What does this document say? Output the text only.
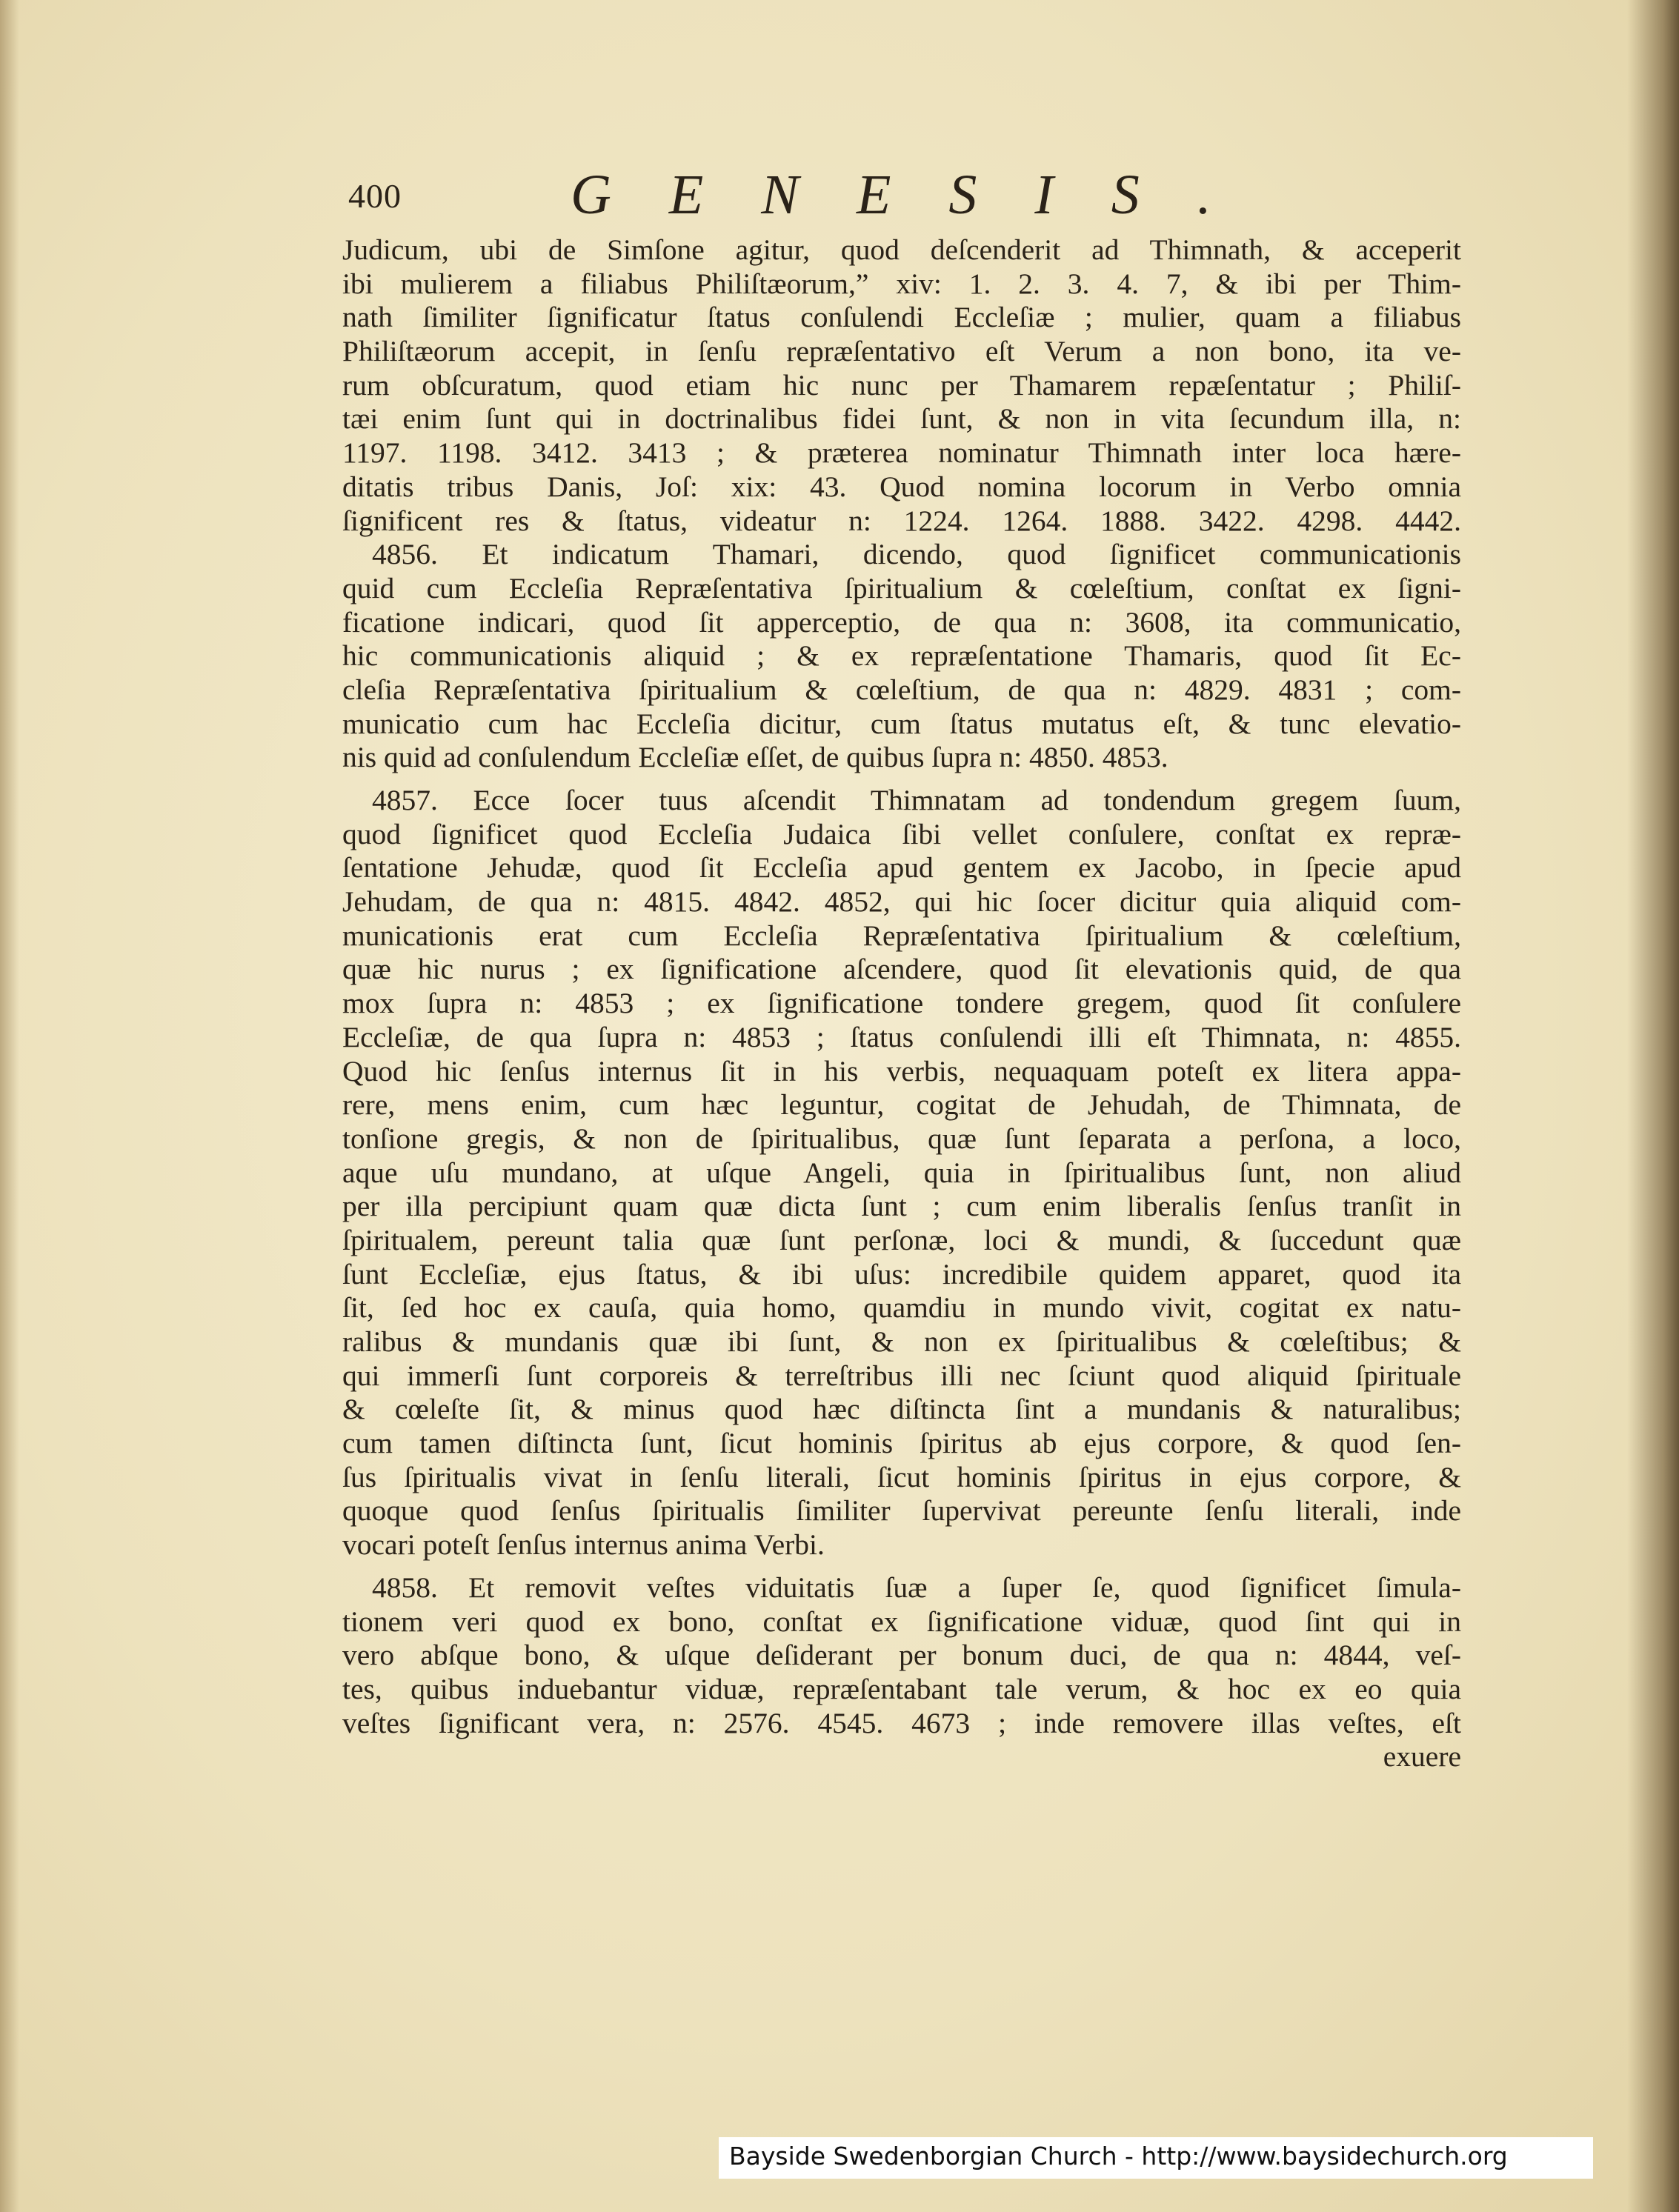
400	GENESIS.
Judicum, ubi de Simſone agitur, quod deſcenderit ad Thimnath, & acceperit
ibi mulierem a filiabus Philiſtæorum,” xiv: 1. 2. 3. 4. 7, & ibi per Thim-
nath ſimiliter ſignificatur ſtatus conſulendi Eccleſiæ ; mulier, quam a filiabus
Philiſtæorum accepit, in ſenſu repræſentativo eſt Verum a non bono, ita ve-
rum obſcuratum, quod etiam hic nunc per Thamarem repæſentatur ; Philiſ-
tæi enim ſunt qui in doctrinalibus fidei ſunt, & non in vita ſecundum illa, n:
1197. 1198. 3412. 3413 ; & præterea nominatur Thimnath inter loca hære-
ditatis tribus Danis, Joſ: xix: 43. Quod nomina locorum in Verbo omnia
ſignificent res & ſtatus, videatur n: 1224. 1264. 1888. 3422. 4298. 4442.
4856. Et indicatum Thamari, dicendo, quod ſignificet communicationis
quid cum Eccleſia Repræſentativa ſpiritualium & cœleſtium, conſtat ex ſigni-
ficatione indicari, quod ſit apperceptio, de qua n: 3608, ita communicatio,
hic communicationis aliquid ; & ex repræſentatione Thamaris, quod ſit Ec-
cleſia Repræſentativa ſpiritualium & cœleſtium, de qua n: 4829. 4831 ; com-
municatio cum hac Eccleſia dicitur, cum ſtatus mutatus eſt, & tunc elevatio-
nis quid ad conſulendum Eccleſiæ eſſet, de quibus ſupra n: 4850. 4853.
4857. Ecce ſocer tuus aſcendit Thimnatam ad tondendum gregem ſuum,
quod ſignificet quod Eccleſia Judaica ſibi vellet conſulere, conſtat ex repræ-
ſentatione Jehudæ, quod ſit Eccleſia apud gentem ex Jacobo, in ſpecie apud
Jehudam, de qua n: 4815. 4842. 4852, qui hic ſocer dicitur quia aliquid com-
municationis erat cum Eccleſia Repræſentativa ſpiritualium & cœleſtium,
quæ hic nurus ; ex ſignificatione aſcendere, quod ſit elevationis quid, de qua
mox ſupra n: 4853 ; ex ſignificatione tondere gregem, quod ſit conſulere
Eccleſiæ, de qua ſupra n: 4853 ; ſtatus conſulendi illi eſt Thimnata, n: 4855.
Quod hic ſenſus internus ſit in his verbis, nequaquam poteſt ex litera appa-
rere, mens enim, cum hæc leguntur, cogitat de Jehudah, de Thimnata, de
tonſione gregis, & non de ſpiritualibus, quæ ſunt ſeparata a perſona, a loco,
aque uſu mundano, at uſque Angeli, quia in ſpiritualibus ſunt, non aliud
per illa percipiunt quam quæ dicta ſunt ; cum enim liberalis ſenſus tranſit in
ſpiritualem, pereunt talia quæ ſunt perſonæ, loci & mundi, & ſuccedunt quæ
ſunt Eccleſiæ, ejus ſtatus, & ibi uſus: incredibile quidem apparet, quod ita
ſit, ſed hoc ex cauſa, quia homo, quamdiu in mundo vivit, cogitat ex natu-
ralibus & mundanis quæ ibi ſunt, & non ex ſpiritualibus & cœleſtibus; &
qui immerſi ſunt corporeis & terreſtribus illi nec ſciunt quod aliquid ſpirituale
& cœleſte ſit, & minus quod hæc diſtincta ſint a mundanis & naturalibus;
cum tamen diſtincta ſunt, ſicut hominis ſpiritus ab ejus corpore, & quod ſen-
ſus ſpiritualis vivat in ſenſu literali, ſicut hominis ſpiritus in ejus corpore, &
quoque quod ſenſus ſpiritualis ſimiliter ſupervivat pereunte ſenſu literali, inde
vocari poteſt ſenſus internus anima Verbi.
4858. Et removit veſtes viduitatis ſuæ a ſuper ſe, quod ſignificet ſimula-
tionem veri quod ex bono, conſtat ex ſignificatione viduæ, quod ſint qui in
vero abſque bono, & uſque deſiderant per bonum duci, de qua n: 4844, veſ-
tes, quibus induebantur viduæ, repræſentabant tale verum, & hoc ex eo quia
veſtes ſignificant vera, n: 2576. 4545. 4673 ; inde removere illas veſtes, eſt
exuere
Bayside Swedenborgian Church - http://www.baysidechurch.org
